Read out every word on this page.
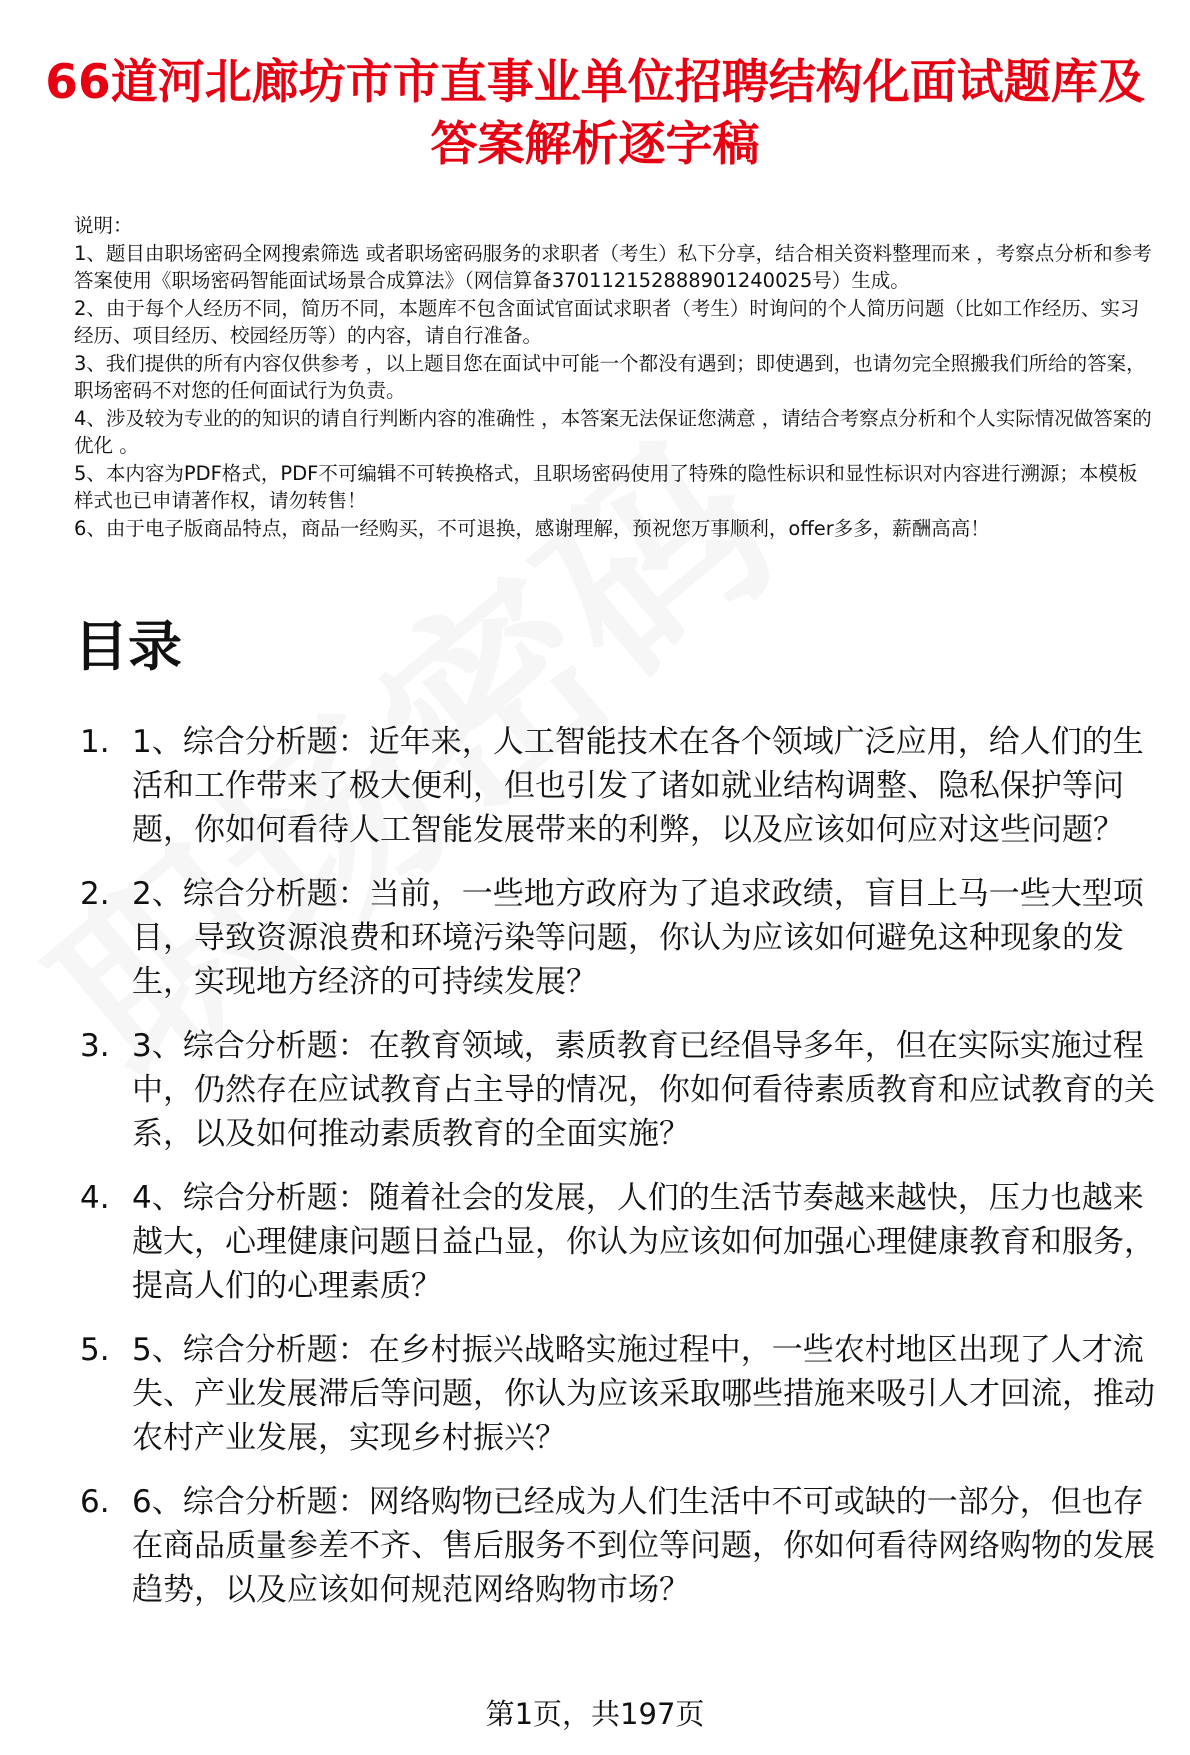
66道河北廊坊市市直事业单位招聘结构化面试题库及答案解析逐字稿

说明：

1、题目由职场密码全网搜索筛选 或者职场密码服务的求职者（考生）私下分享，结合相关资料整理而来 ，考察点分析和参考答案使用《职场密码智能面试场景合成算法》（网信算备370112152888901240025号）生成。

2、由于每个人经历不同，简历不同，本题库不包含面试官面试求职者（考生）时询问的个人简历问题（比如工作经历、实习经历、项目经历、校园经历等）的内容，请自行准备。

3、我们提供的所有内容仅供参考 ，以上题目您在面试中可能一个都没有遇到；即使遇到，也请勿完全照搬我们所给的答案，职场密码不对您的任何面试行为负责。

4、涉及较为专业的的知识的请自行判断内容的准确性 ，本答案无法保证您满意 ，请结合考察点分析和个人实际情况做答案的优化 。

5、本内容为PDF格式，PDF不可编辑不可转换格式，且职场密码使用了特殊的隐性标识和显性标识对内容进行溯源；本模板样式也已申请著作权，请勿转售！

6、由于电子版商品特点，商品一经购买，不可退换，感谢理解，预祝您万事顺利，offer多多，薪酬高高！

目录
1. 1、综合分析题：近年来，人工智能技术在各个领域广泛应用，给人们的生活和工作带来了极大便利，但也引发了诸如就业结构调整、隐私保护等问题，你如何看待人工智能发展带来的利弊，以及应该如何应对这些问题？
2. 2、综合分析题：当前，一些地方政府为了追求政绩，盲目上马一些大型项目，导致资源浪费和环境污染等问题，你认为应该如何避免这种现象的发生，实现地方经济的可持续发展？
3. 3、综合分析题：在教育领域，素质教育已经倡导多年，但在实际实施过程中，仍然存在应试教育占主导的情况，你如何看待素质教育和应试教育的关系，以及如何推动素质教育的全面实施？
4. 4、综合分析题：随着社会的发展，人们的生活节奏越来越快，压力也越来越大，心理健康问题日益凸显，你认为应该如何加强心理健康教育和服务，提高人们的心理素质？
5. 5、综合分析题：在乡村振兴战略实施过程中，一些农村地区出现了人才流失、产业发展滞后等问题，你认为应该采取哪些措施来吸引人才回流，推动农村产业发展，实现乡村振兴？
6. 6、综合分析题：网络购物已经成为人们生活中不可或缺的一部分，但也存在商品质量参差不齐、售后服务不到位等问题，你如何看待网络购物的发展趋势，以及应该如何规范网络购物市场？
第1页，共197页
